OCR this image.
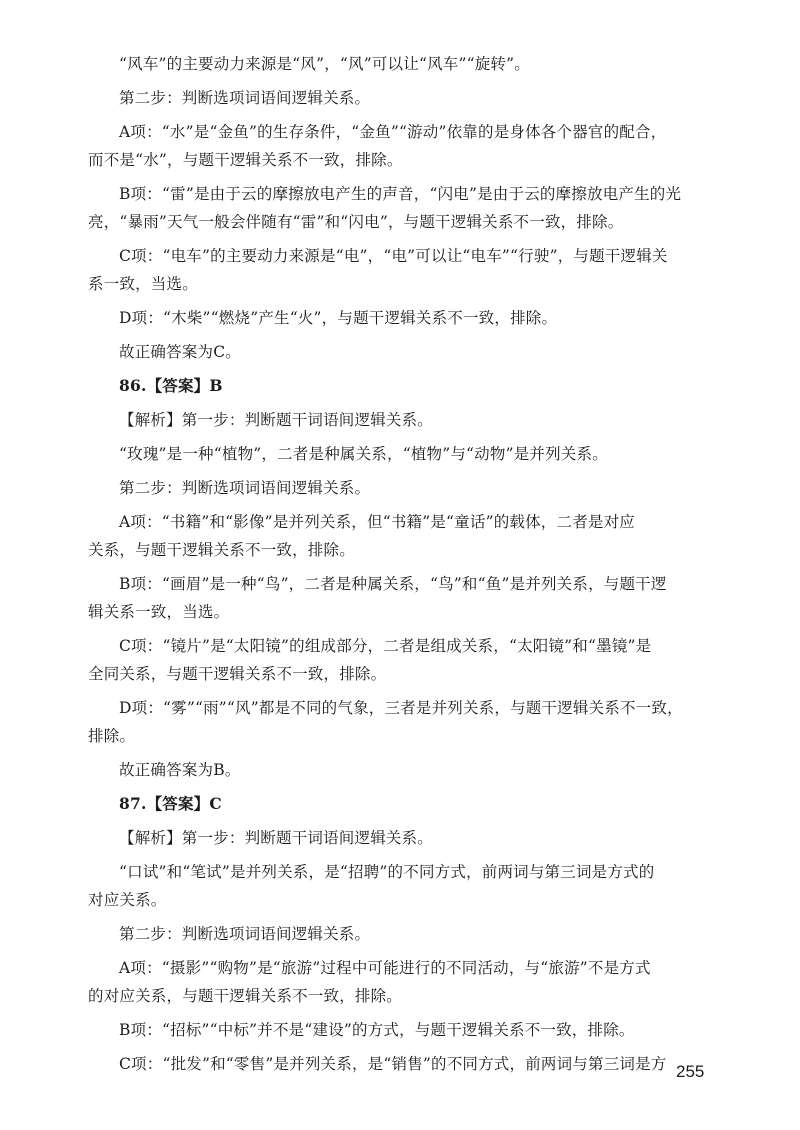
“风车”的主要动力来源是“风”，“风”可以让“风车”“旋转”。

第二步：判断选项词语间逻辑关系。

A项：“水”是“金鱼”的生存条件，“金鱼”“游动”依靠的是身体各个器官的配合，

而不是“水”，与题干逻辑关系不一致，排除。

B项：“雷”是由于云的摩擦放电产生的声音，“闪电”是由于云的摩擦放电产生的光

亮，“暴雨”天气一般会伴随有“雷”和“闪电”，与题干逻辑关系不一致，排除。

C项：“电车”的主要动力来源是“电”，“电”可以让“电车”“行驶”，与题干逻辑关

系一致，当选。

D项：“木柴”“燃烧”产生“火”，与题干逻辑关系不一致，排除。

故正确答案为C。

86.【答案】B

【解析】第一步：判断题干词语间逻辑关系。

“玫瑰”是一种“植物”，二者是种属关系，“植物”与“动物”是并列关系。

第二步：判断选项词语间逻辑关系。

A项：“书籍”和“影像”是并列关系，但“书籍”是“童话”的载体，二者是对应

关系，与题干逻辑关系不一致，排除。

B项：“画眉”是一种“鸟”，二者是种属关系，“鸟”和“鱼”是并列关系，与题干逻

辑关系一致，当选。

C项：“镜片”是“太阳镜”的组成部分，二者是组成关系，“太阳镜”和“墨镜”是

全同关系，与题干逻辑关系不一致，排除。

D项：“雾”“雨”“风”都是不同的气象，三者是并列关系，与题干逻辑关系不一致，

排除。

故正确答案为B。

87.【答案】C

【解析】第一步：判断题干词语间逻辑关系。

“口试”和“笔试”是并列关系，是“招聘”的不同方式，前两词与第三词是方式的

对应关系。

第二步：判断选项词语间逻辑关系。

A项：“摄影”“购物”是“旅游”过程中可能进行的不同活动，与“旅游”不是方式

的对应关系，与题干逻辑关系不一致，排除。

B项：“招标”“中标”并不是“建设”的方式，与题干逻辑关系不一致，排除。

C项：“批发”和“零售”是并列关系，是“销售”的不同方式，前两词与第三词是方 255
